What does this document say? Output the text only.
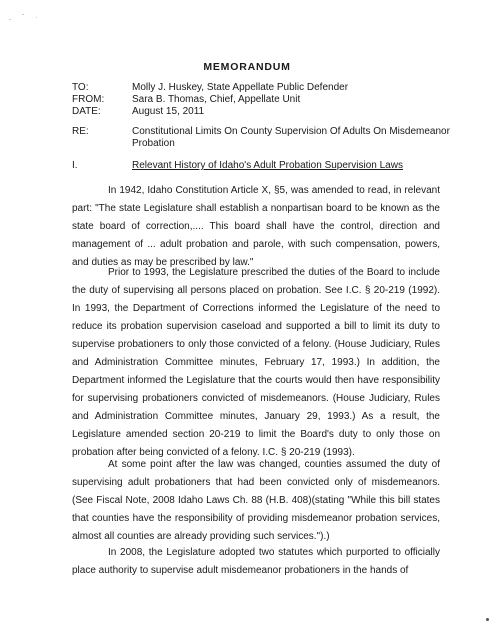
MEMORANDUM
TO:	Molly J. Huskey, State Appellate Public Defender
FROM:	Sara B. Thomas, Chief, Appellate Unit
DATE:	August 15, 2011
RE:	Constitutional Limits On County Supervision Of Adults On Misdemeanor Probation
I.	Relevant History of Idaho's Adult Probation Supervision Laws

In 1942, Idaho Constitution Article X, §5, was amended to read, in relevant part: "The state Legislature shall establish a nonpartisan board to be known as the state board of correction,.... This board shall have the control, direction and management of ... adult probation and parole, with such compensation, powers, and duties as may be prescribed by law."

Prior to 1993, the Legislature prescribed the duties of the Board to include the duty of supervising all persons placed on probation. See I.C. § 20-219 (1992). In 1993, the Department of Corrections informed the Legislature of the need to reduce its probation supervision caseload and supported a bill to limit its duty to supervise probationers to only those convicted of a felony. (House Judiciary, Rules and Administration Committee minutes, February 17, 1993.) In addition, the Department informed the Legislature that the courts would then have responsibility for supervising probationers convicted of misdemeanors. (House Judiciary, Rules and Administration Committee minutes, January 29, 1993.) As a result, the Legislature amended section 20-219 to limit the Board's duty to only those on probation after being convicted of a felony. I.C. § 20-219 (1993).

At some point after the law was changed, counties assumed the duty of supervising adult probationers that had been convicted only of misdemeanors. (See Fiscal Note, 2008 Idaho Laws Ch. 88 (H.B. 408)(stating "While this bill states that counties have the responsibility of providing misdemeanor probation services, almost all counties are already providing such services.").)

In 2008, the Legislature adopted two statutes which purported to officially place authority to supervise adult misdemeanor probationers in the hands of
